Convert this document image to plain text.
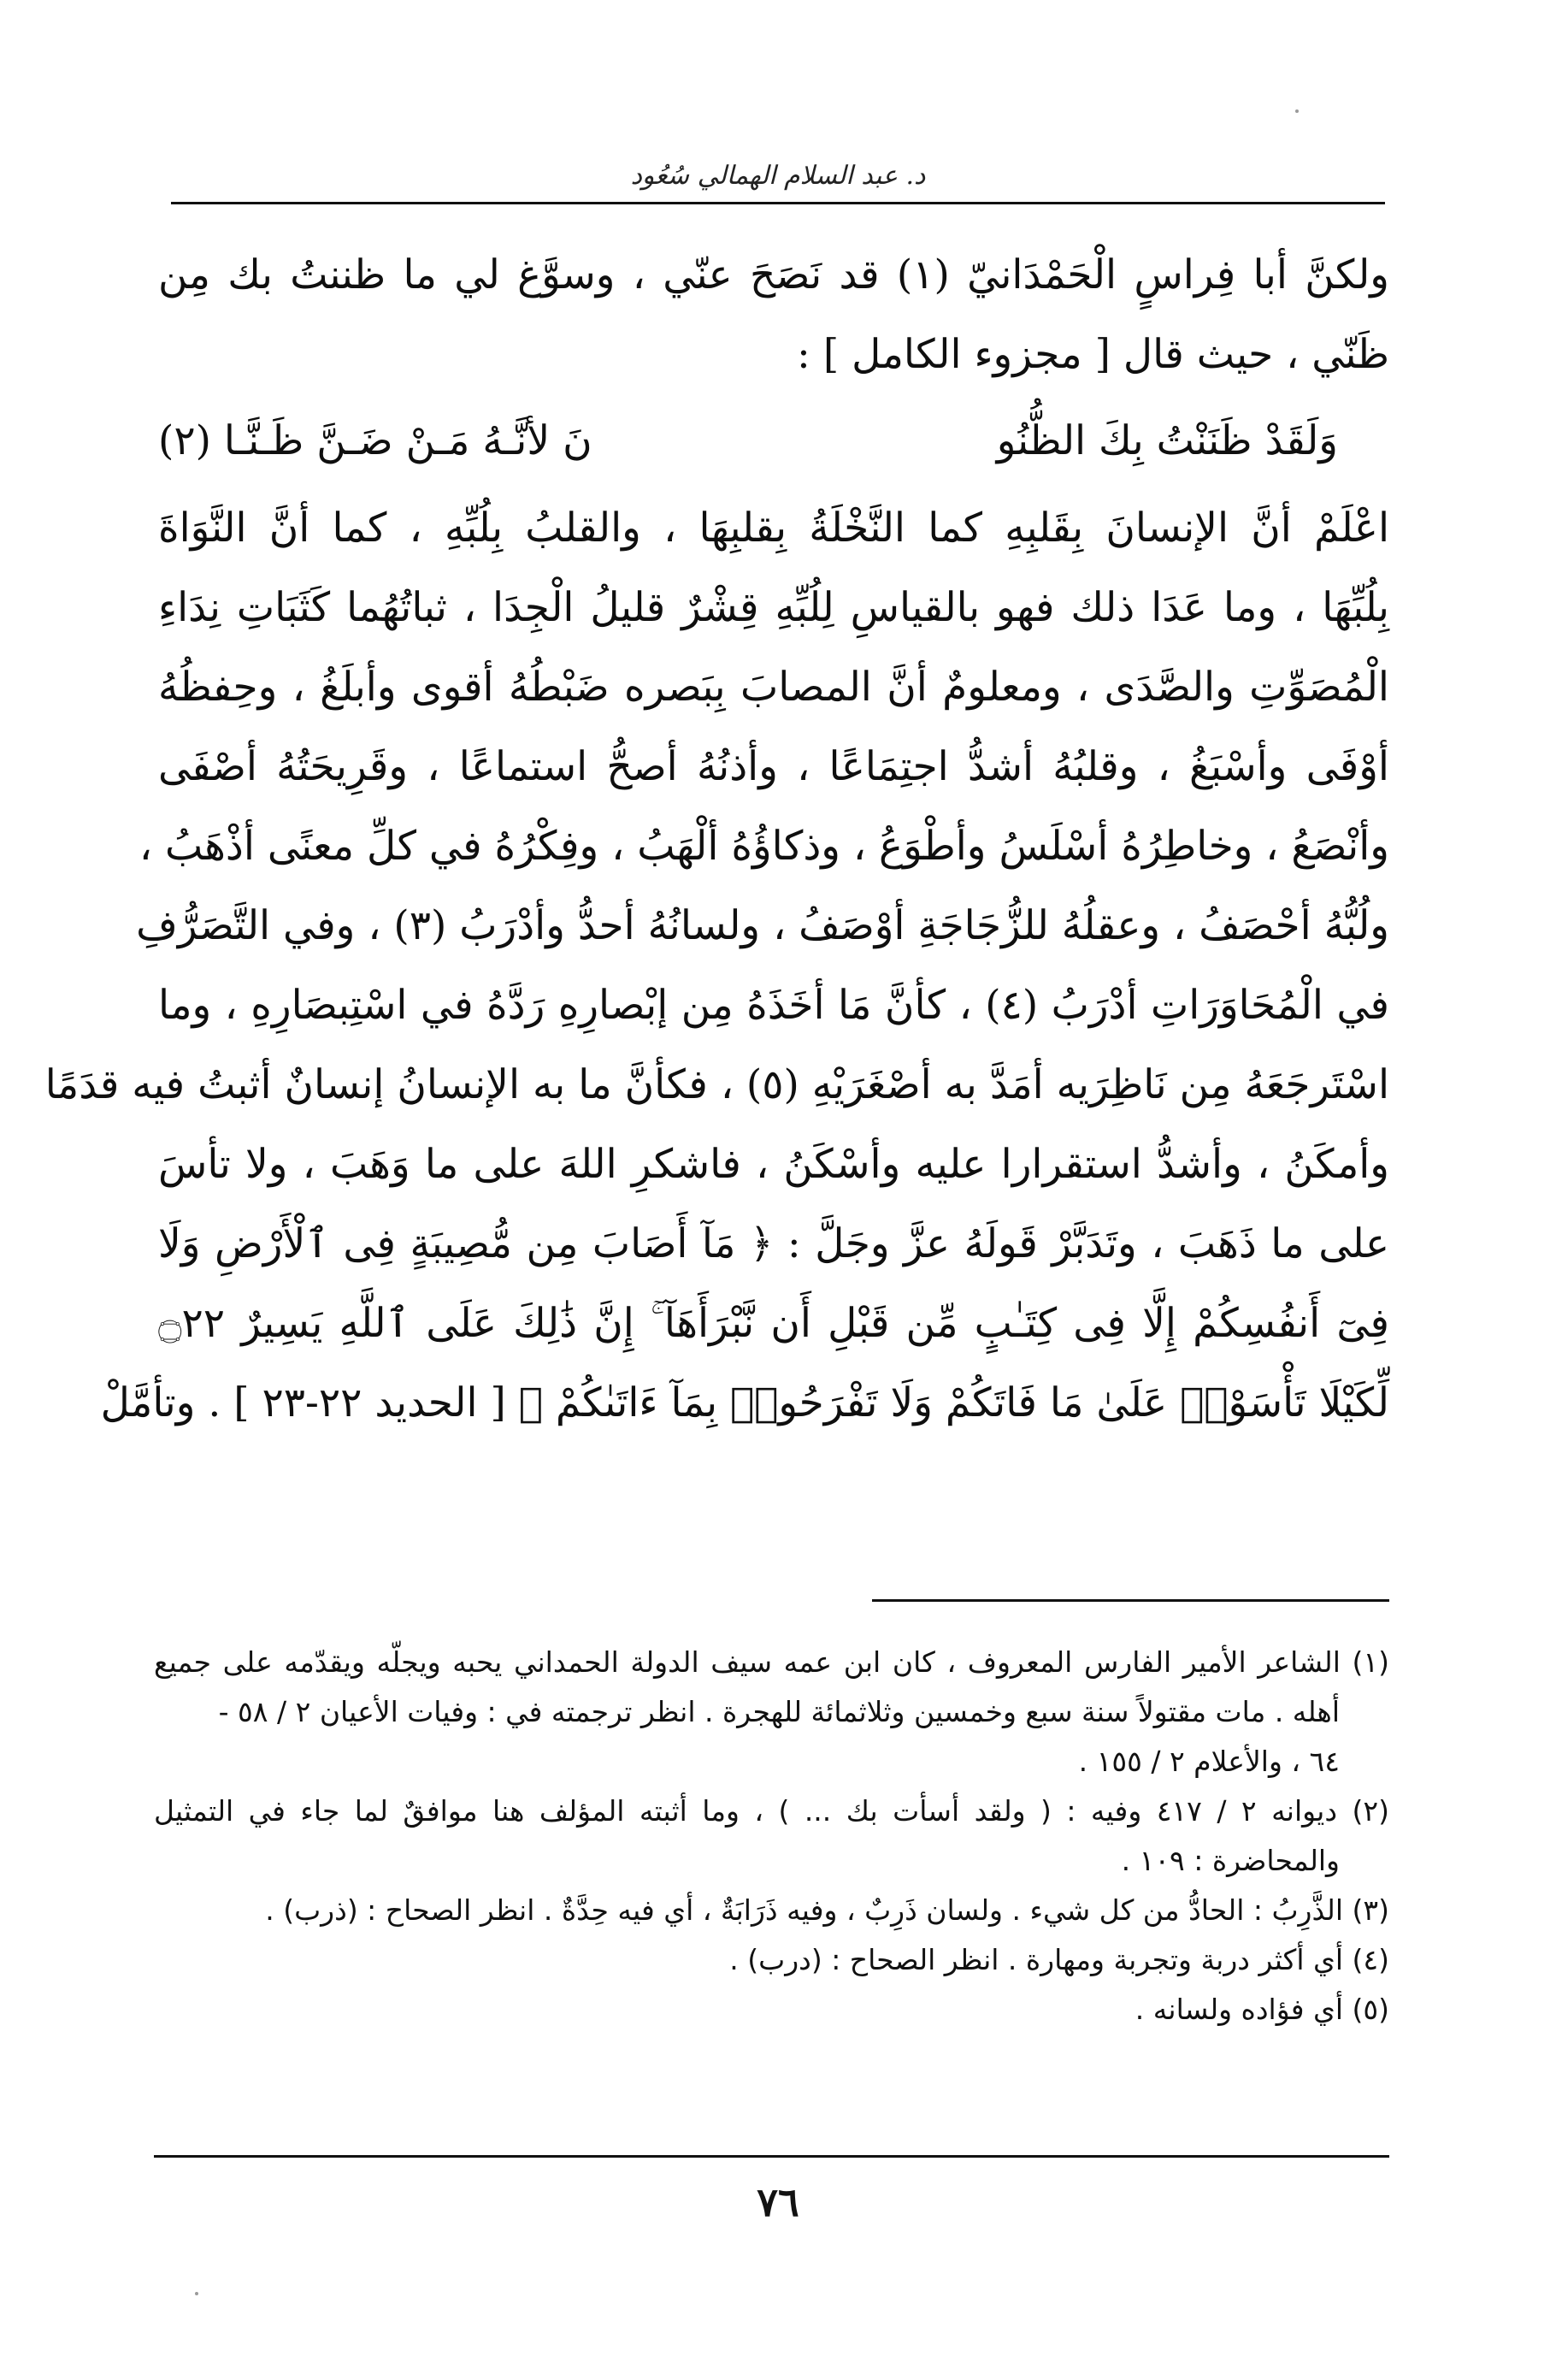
د. عبد السلام الهمالي سُعُود
ولكنَّ أبا فِراسٍ الْحَمْدَانيّ (١) قد نَصَحَ عنّي ، وسوَّغ لي ما ظننتُ بك مِن
ظَنّي ، حيث قال [ مجزوء الكامل ] :
وَلَقَدْ ظَنَنْتُ بِكَ الظُّنُو
نَ لأنَّـهُ مَـنْ ضَـنَّ ظَـنَّـا (٢)
اعْلَمْ أنَّ الإنسانَ بِقَلبِهِ كما النَّخْلَةُ بِقلبِهَا ، والقلبُ بِلُبِّهِ ، كما أنَّ النَّوَاةَ
بِلُبِّهَا ، وما عَدَا ذلك فهو بالقياسِ لِلُبِّهِ قِشْرٌ قليلُ الْجِدَا ، ثباتُهُما كَثَبَاتِ نِدَاءِ
الْمُصَوِّتِ والصَّدَى ، ومعلومٌ أنَّ المصابَ بِبَصره ضَبْطُهُ أقوى وأبلَغُ ، وحِفظُهُ
أوْفَى وأسْبَغُ ، وقلبُهُ أشدُّ اجتِمَاعًا ، وأذنُهُ أصحُّ استماعًا ، وقَرِيحَتُهُ أصْفَى
وأنْصَعُ ، وخاطِرُهُ أسْلَسُ وأطْوَعُ ، وذكاؤُهُ ألْهَبُ ، وفِكْرُهُ في كلِّ معنًى أذْهَبُ ،
ولُبُّهُ أحْصَفُ ، وعقلُهُ للزُّجَاجَةِ أوْصَفُ ، ولسانُهُ أحدُّ وأدْرَبُ (٣) ، وفي التَّصَرُّفِ
في الْمُحَاوَرَاتِ أدْرَبُ (٤) ، كأنَّ مَا أخَذَهُ مِن إبْصارِهِ رَدَّهُ في اسْتِبصَارِهِ ، وما
اسْتَرجَعَهُ مِن نَاظِرَيه أمَدَّ به أصْغَرَيْهِ (٥) ، فكأنَّ ما به الإنسانُ إنسانٌ أثبتُ فيه قدَمًا
وأمكَنُ ، وأشدُّ استقرارا عليه وأسْكَنُ ، فاشكرِ اللهَ على ما وَهَبَ ، ولا تأسَ
على ما ذَهَبَ ، وتَدَبَّرْ قَولَهُ عزَّ وجَلَّ : ﴿ مَآ أَصَابَ مِن مُّصِيبَةٍ فِى ٱلْأَرْضِ وَلَا
فِىٓ أَنفُسِكُمْ إِلَّا فِى كِتَـٰبٍ مِّن قَبْلِ أَن نَّبْرَأَهَآ ۚ إِنَّ ذَٰلِكَ عَلَى ٱللَّهِ يَسِيرٌ ۝٢٢
لِّكَيْلَا تَأْسَوْا۟ عَلَىٰ مَا فَاتَكُمْ وَلَا تَفْرَحُوا۟ بِمَآ ءَاتَىٰكُمْ ﴾ [ الحديد ٢٢-٢٣ ] . وتأمَّلْ
(١) الشاعر الأمير الفارس المعروف ، كان ابن عمه سيف الدولة الحمداني يحبه ويجلّه ويقدّمه على جميع
أهله . مات مقتولاً سنة سبع وخمسين وثلاثمائة للهجرة . انظر ترجمته في : وفيات الأعيان ٢ / ٥٨ -
٦٤ ، والأعلام ٢ / ١٥٥ .
(٢) ديوانه ٢ / ٤١٧ وفيه : ( ولقد أسأت بك ... ) ، وما أثبته المؤلف هنا موافقٌ لما جاء في التمثيل
والمحاضرة : ١٠٩ .
(٣) الذَّرِبُ : الحادُّ من كل شيء . ولسان ذَرِبٌ ، وفيه ذَرَابَةٌ ، أي فيه حِدَّةٌ . انظر الصحاح : (ذرب) .
(٤) أي أكثر دربة وتجربة ومهارة . انظر الصحاح : (درب) .
(٥) أي فؤاده ولسانه .
٧٦
